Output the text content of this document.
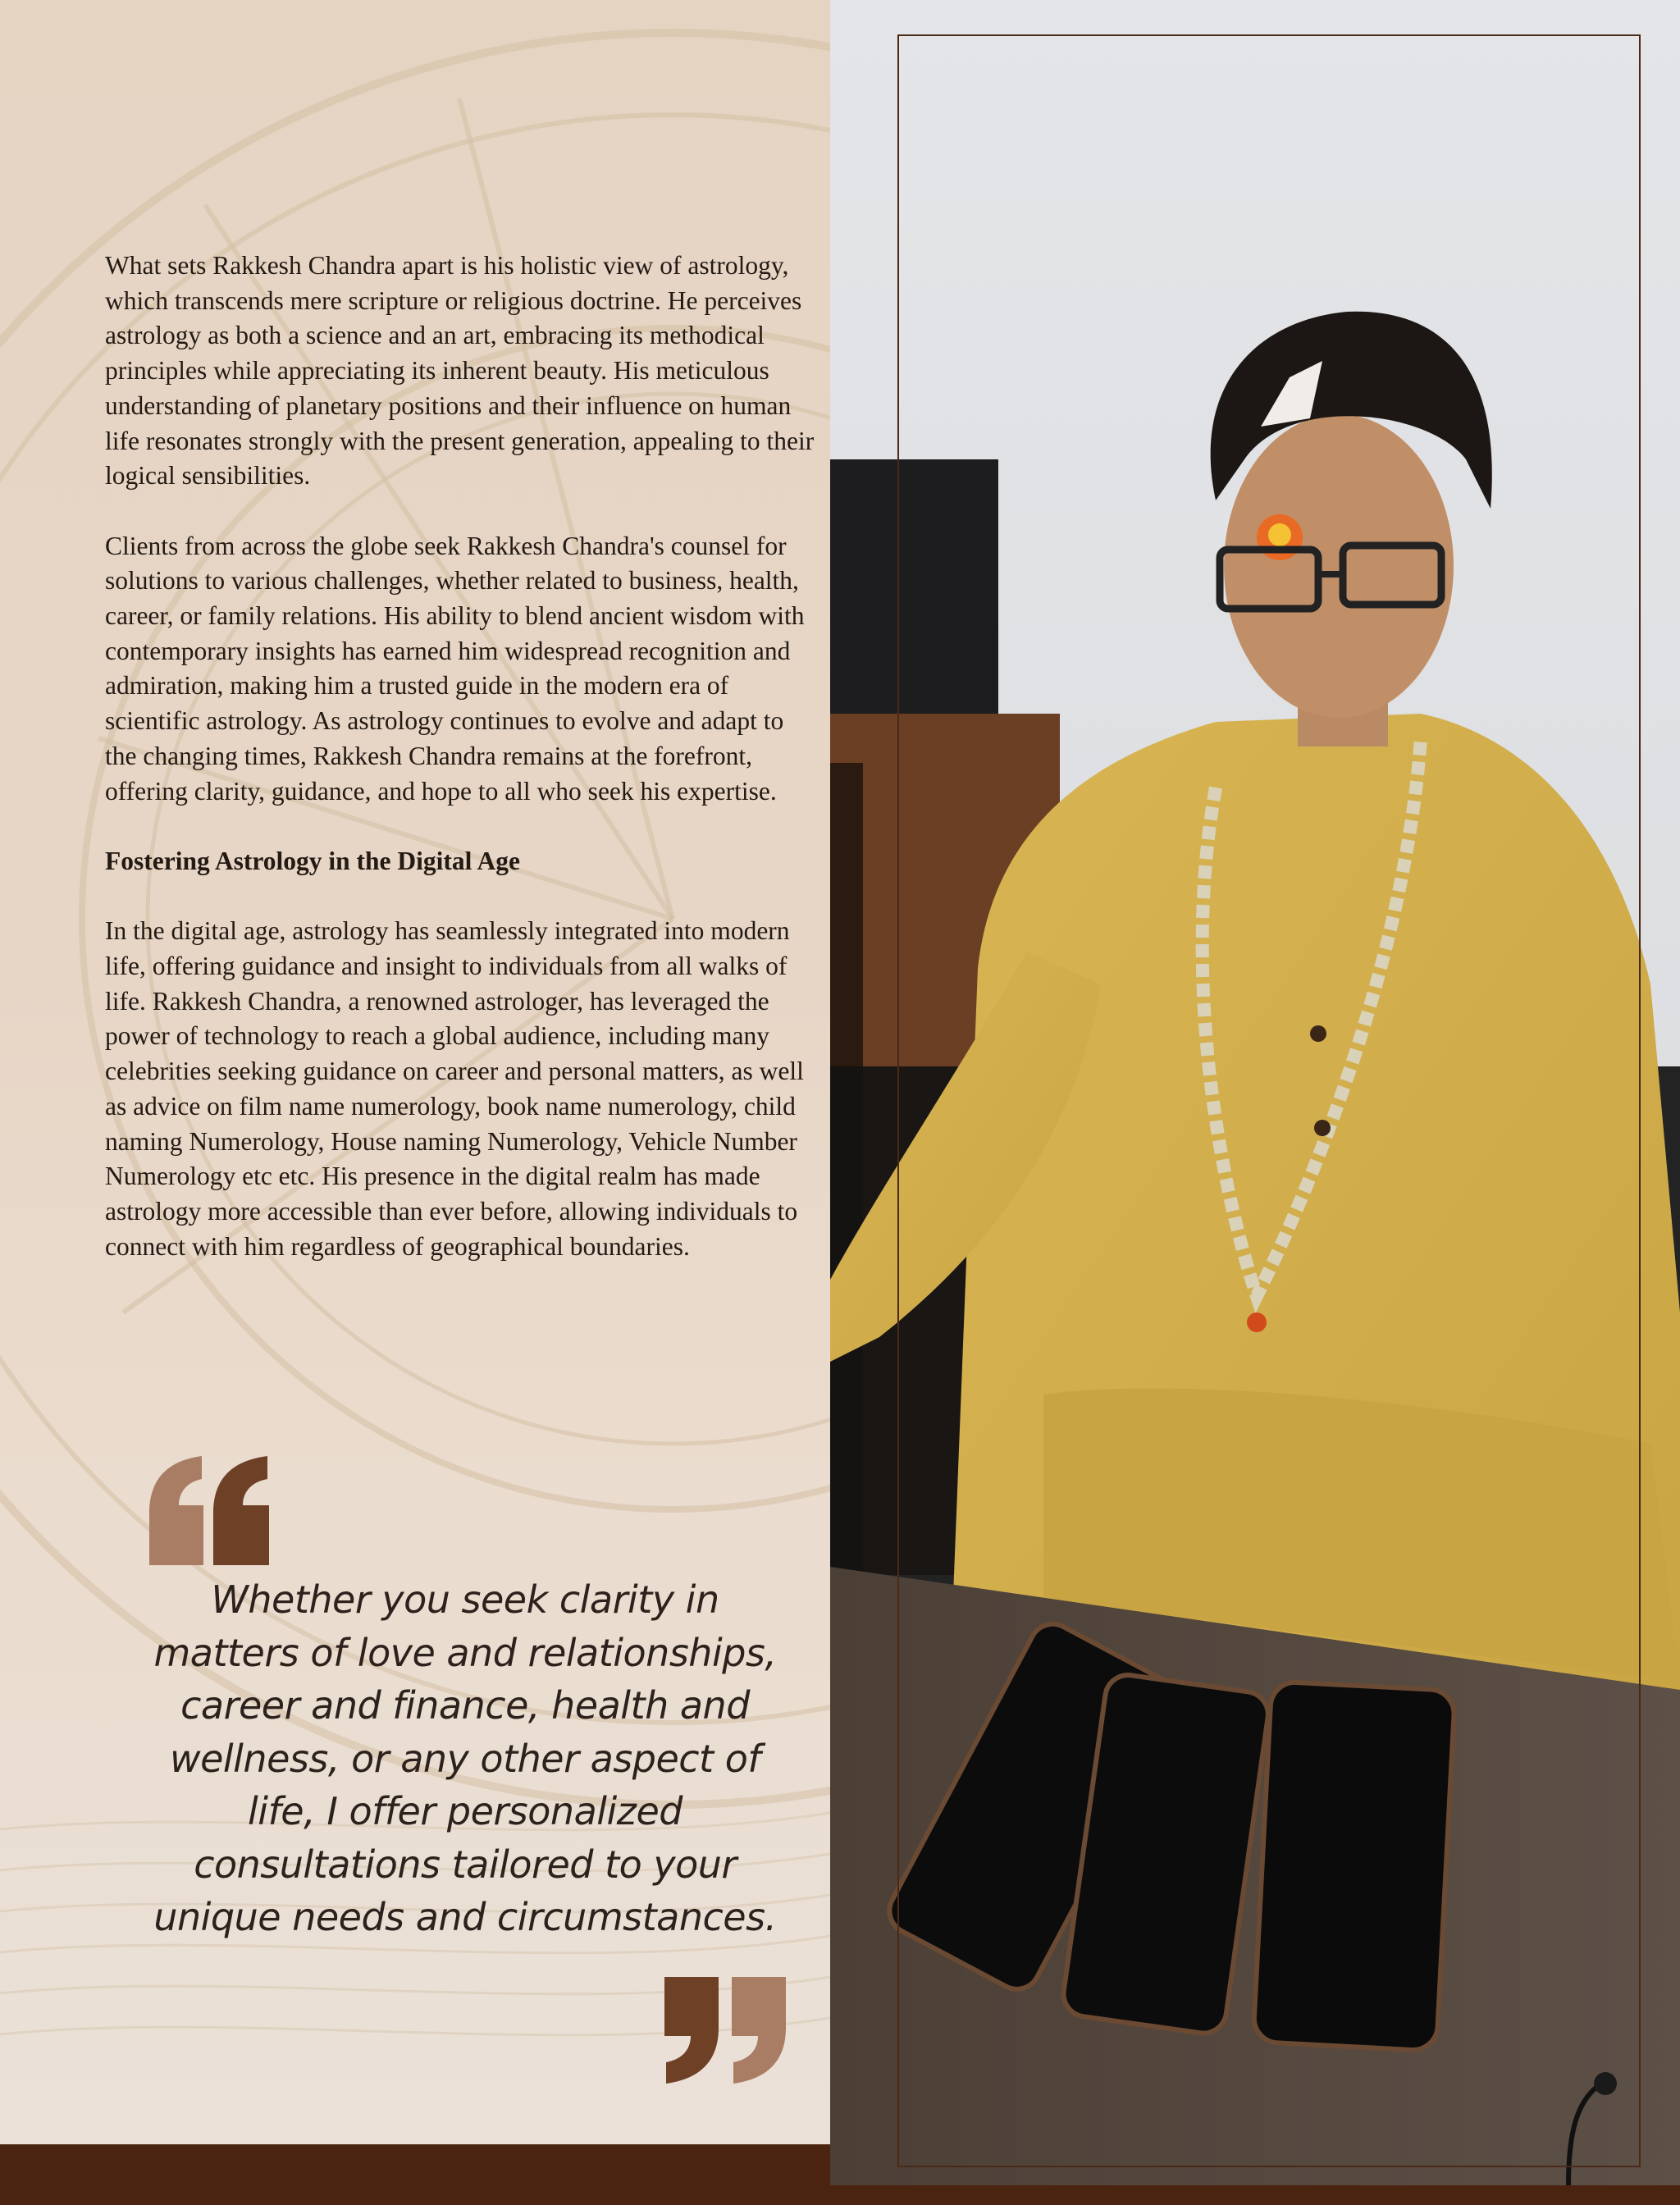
What sets Rakkesh Chandra apart is his holistic view of astrology, which transcends mere scripture or religious doctrine. He perceives astrology as both a science and an art, embracing its methodical principles while appreciating its inherent beauty. His meticulous understanding of planetary positions and their influence on human life resonates strongly with the present generation, appealing to their logical sensibilities.

Clients from across the globe seek Rakkesh Chandra's counsel for solutions to various challenges, whether related to business, health, career, or family relations. His ability to blend ancient wisdom with contemporary insights has earned him widespread recognition and admiration, making him a trusted guide in the modern era of scientific astrology. As astrology continues to evolve and adapt to the changing times, Rakkesh Chandra remains at the forefront, offering clarity, guidance, and hope to all who seek his expertise.

Fostering Astrology in the Digital Age

In the digital age, astrology has seamlessly integrated into modern life, offering guidance and insight to individuals from all walks of life. Rakkesh Chandra, a renowned astrologer, has leveraged the power of technology to reach a global audience, including many celebrities seeking guidance on career and personal matters, as well as advice on film name numerology, book name numerology, child naming Numerology, House naming Numerology, Vehicle Number Numerology etc etc. His presence in the digital realm has made astrology more accessible than ever before, allowing individuals to connect with him regardless of geographical boundaries.

Whether you seek clarity in matters of love and relationships, career and finance, health and wellness, or any other aspect of life, I offer personalized consultations tailored to your unique needs and circumstances.
